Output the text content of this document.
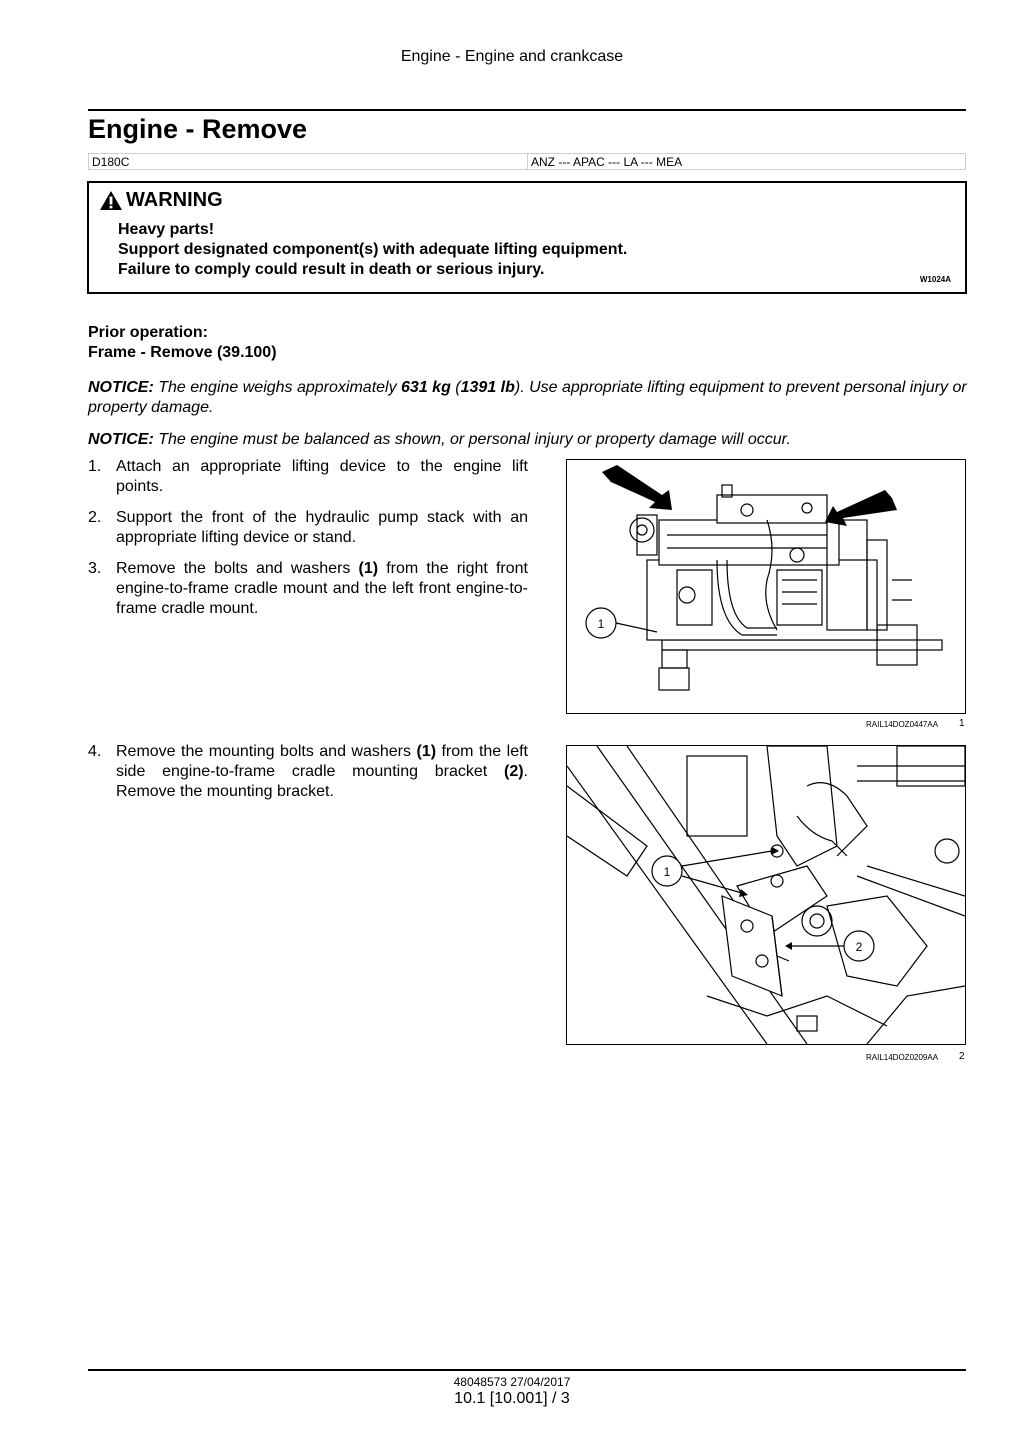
Engine - Engine and crankcase
Engine - Remove
D180C	ANZ --- APAC --- LA --- MEA
WARNING
Heavy parts!
Support designated component(s) with adequate lifting equipment.
Failure to comply could result in death or serious injury.
W1024A
Prior operation:
Frame - Remove (39.100)
NOTICE: The engine weighs approximately 631 kg (1391 lb). Use appropriate lifting equipment to prevent personal injury or property damage.
NOTICE: The engine must be balanced as shown, or personal injury or property damage will occur.
1. Attach an appropriate lifting device to the engine lift points.
2. Support the front of the hydraulic pump stack with an appropriate lifting device or stand.
3. Remove the bolts and washers (1) from the right front engine-to-frame cradle mount and the left front engine-to-frame cradle mount.
4. Remove the mounting bolts and washers (1) from the left side engine-to-frame cradle mounting bracket (2). Remove the mounting bracket.
1
RAIL14DOZ0447AA 1
1
2
RAIL14DOZ0209AA 2
48048573 27/04/2017
10.1 [10.001] / 3
